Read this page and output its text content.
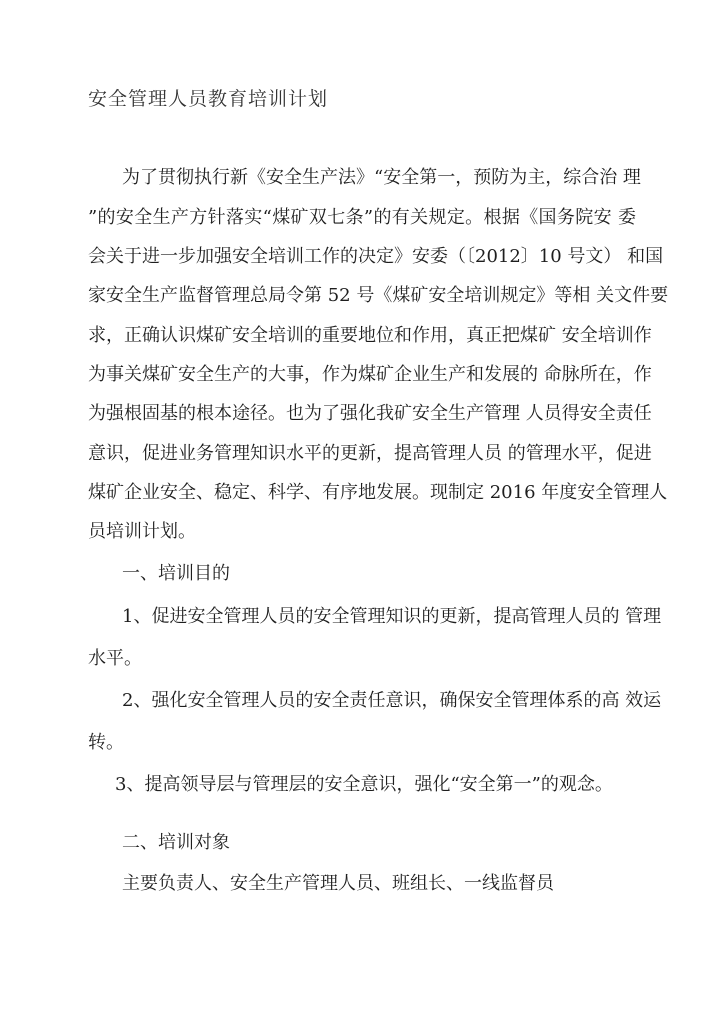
安全管理人员教育培训计划
为了贯彻执行新《安全生产法》“安全第一，预防为主，综合治 理
”的安全生产方针落实“煤矿双七条”的有关规定。根据《国务院安 委
会关于进一步加强安全培训工作的决定》安委（〔2012〕10 号文） 和国
家安全生产监督管理总局令第 52 号《煤矿安全培训规定》等相 关文件要
求，正确认识煤矿安全培训的重要地位和作用，真正把煤矿 安全培训作
为事关煤矿安全生产的大事，作为煤矿企业生产和发展的 命脉所在，作
为强根固基的根本途径。也为了强化我矿安全生产管理 人员得安全责任
意识，促进业务管理知识水平的更新，提高管理人员 的管理水平，促进
煤矿企业安全、稳定、科学、有序地发展。现制定 2016 年度安全管理人
员培训计划。
一、培训目的
1、促进安全管理人员的安全管理知识的更新，提高管理人员的 管理
水平。
2、强化安全管理人员的安全责任意识，确保安全管理体系的高 效运
转。
3、提高领导层与管理层的安全意识，强化“安全第一”的观念。
二、培训对象
主要负责人、安全生产管理人员、班组长、一线监督员
